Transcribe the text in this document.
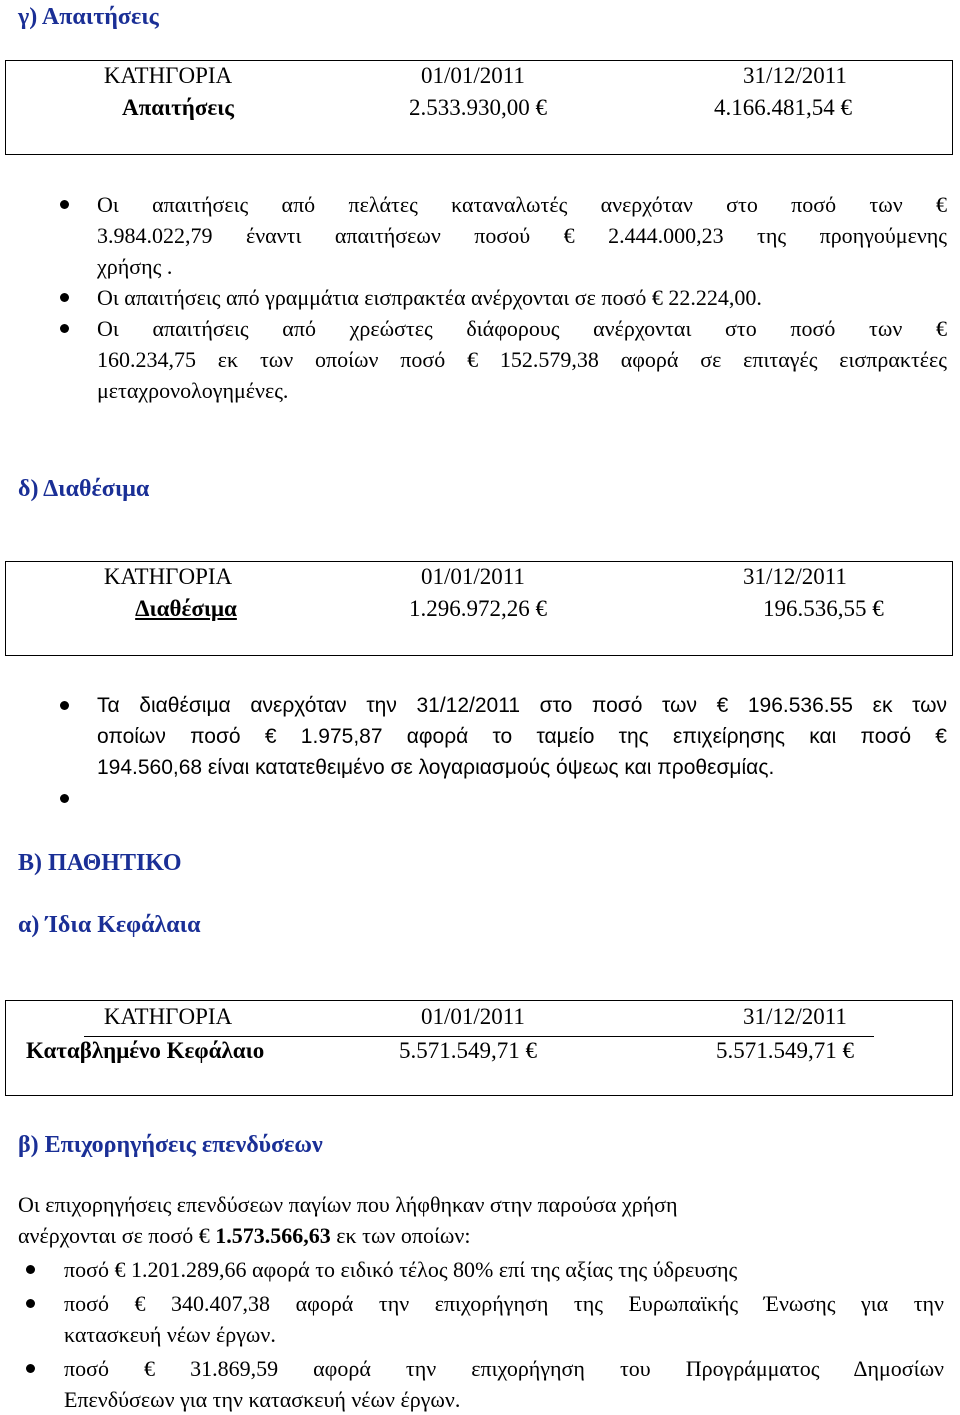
γ) Απαιτήσεις
ΚΑΤΗΓΟΡΙΑ	01/01/2011	31/12/2011
Απαιτήσεις	2.533.930,00 €	4.166.481,54 €
Οι απαιτήσεις από πελάτες καταναλωτές ανερχόταν στο ποσό των €
3.984.022,79 έναντι απαιτήσεων ποσού € 2.444.000,23 της προηγούμενης
χρήσης .
Οι απαιτήσεις από γραμμάτια εισπρακτέα ανέρχονται σε ποσό € 22.224,00.
Οι απαιτήσεις από χρεώστες διάφορους ανέρχονται στο ποσό των €
160.234,75 εκ των οποίων ποσό € 152.579,38 αφορά σε επιταγές εισπρακτέες
μεταχρονολογημένες.
δ) Διαθέσιμα
ΚΑΤΗΓΟΡΙΑ	01/01/2011	31/12/2011
Διαθέσιμα	1.296.972,26 €	196.536,55 €
Τα διαθέσιμα ανερχόταν την 31/12/2011 στο ποσό των € 196.536.55 εκ των
οποίων ποσό € 1.975,87 αφορά το ταμείο της επιχείρησης και ποσό €
194.560,68 είναι κατατεθειμένο σε λογαριασμούς όψεως και προθεσμίας.
Β) ΠΑΘΗΤΙΚΟ
α) Ίδια Κεφάλαια
ΚΑΤΗΓΟΡΙΑ	01/01/2011	31/12/2011
Καταβλημένο Κεφάλαιο	5.571.549,71 €	5.571.549,71 €
β) Επιχορηγήσεις επενδύσεων
Οι επιχορηγήσεις επενδύσεων παγίων που λήφθηκαν στην παρούσα χρήση
ανέρχονται σε ποσό € 1.573.566,63 εκ των οποίων:
ποσό € 1.201.289,66 αφορά το ειδικό τέλος 80% επί της αξίας της ύδρευσης
ποσό € 340.407,38 αφορά την επιχορήγηση της Ευρωπαϊκής Ένωσης για την
κατασκευή νέων έργων.
ποσό € 31.869,59 αφορά την επιχορήγηση του Προγράμματος Δημοσίων
Επενδύσεων για την κατασκευή νέων έργων.
